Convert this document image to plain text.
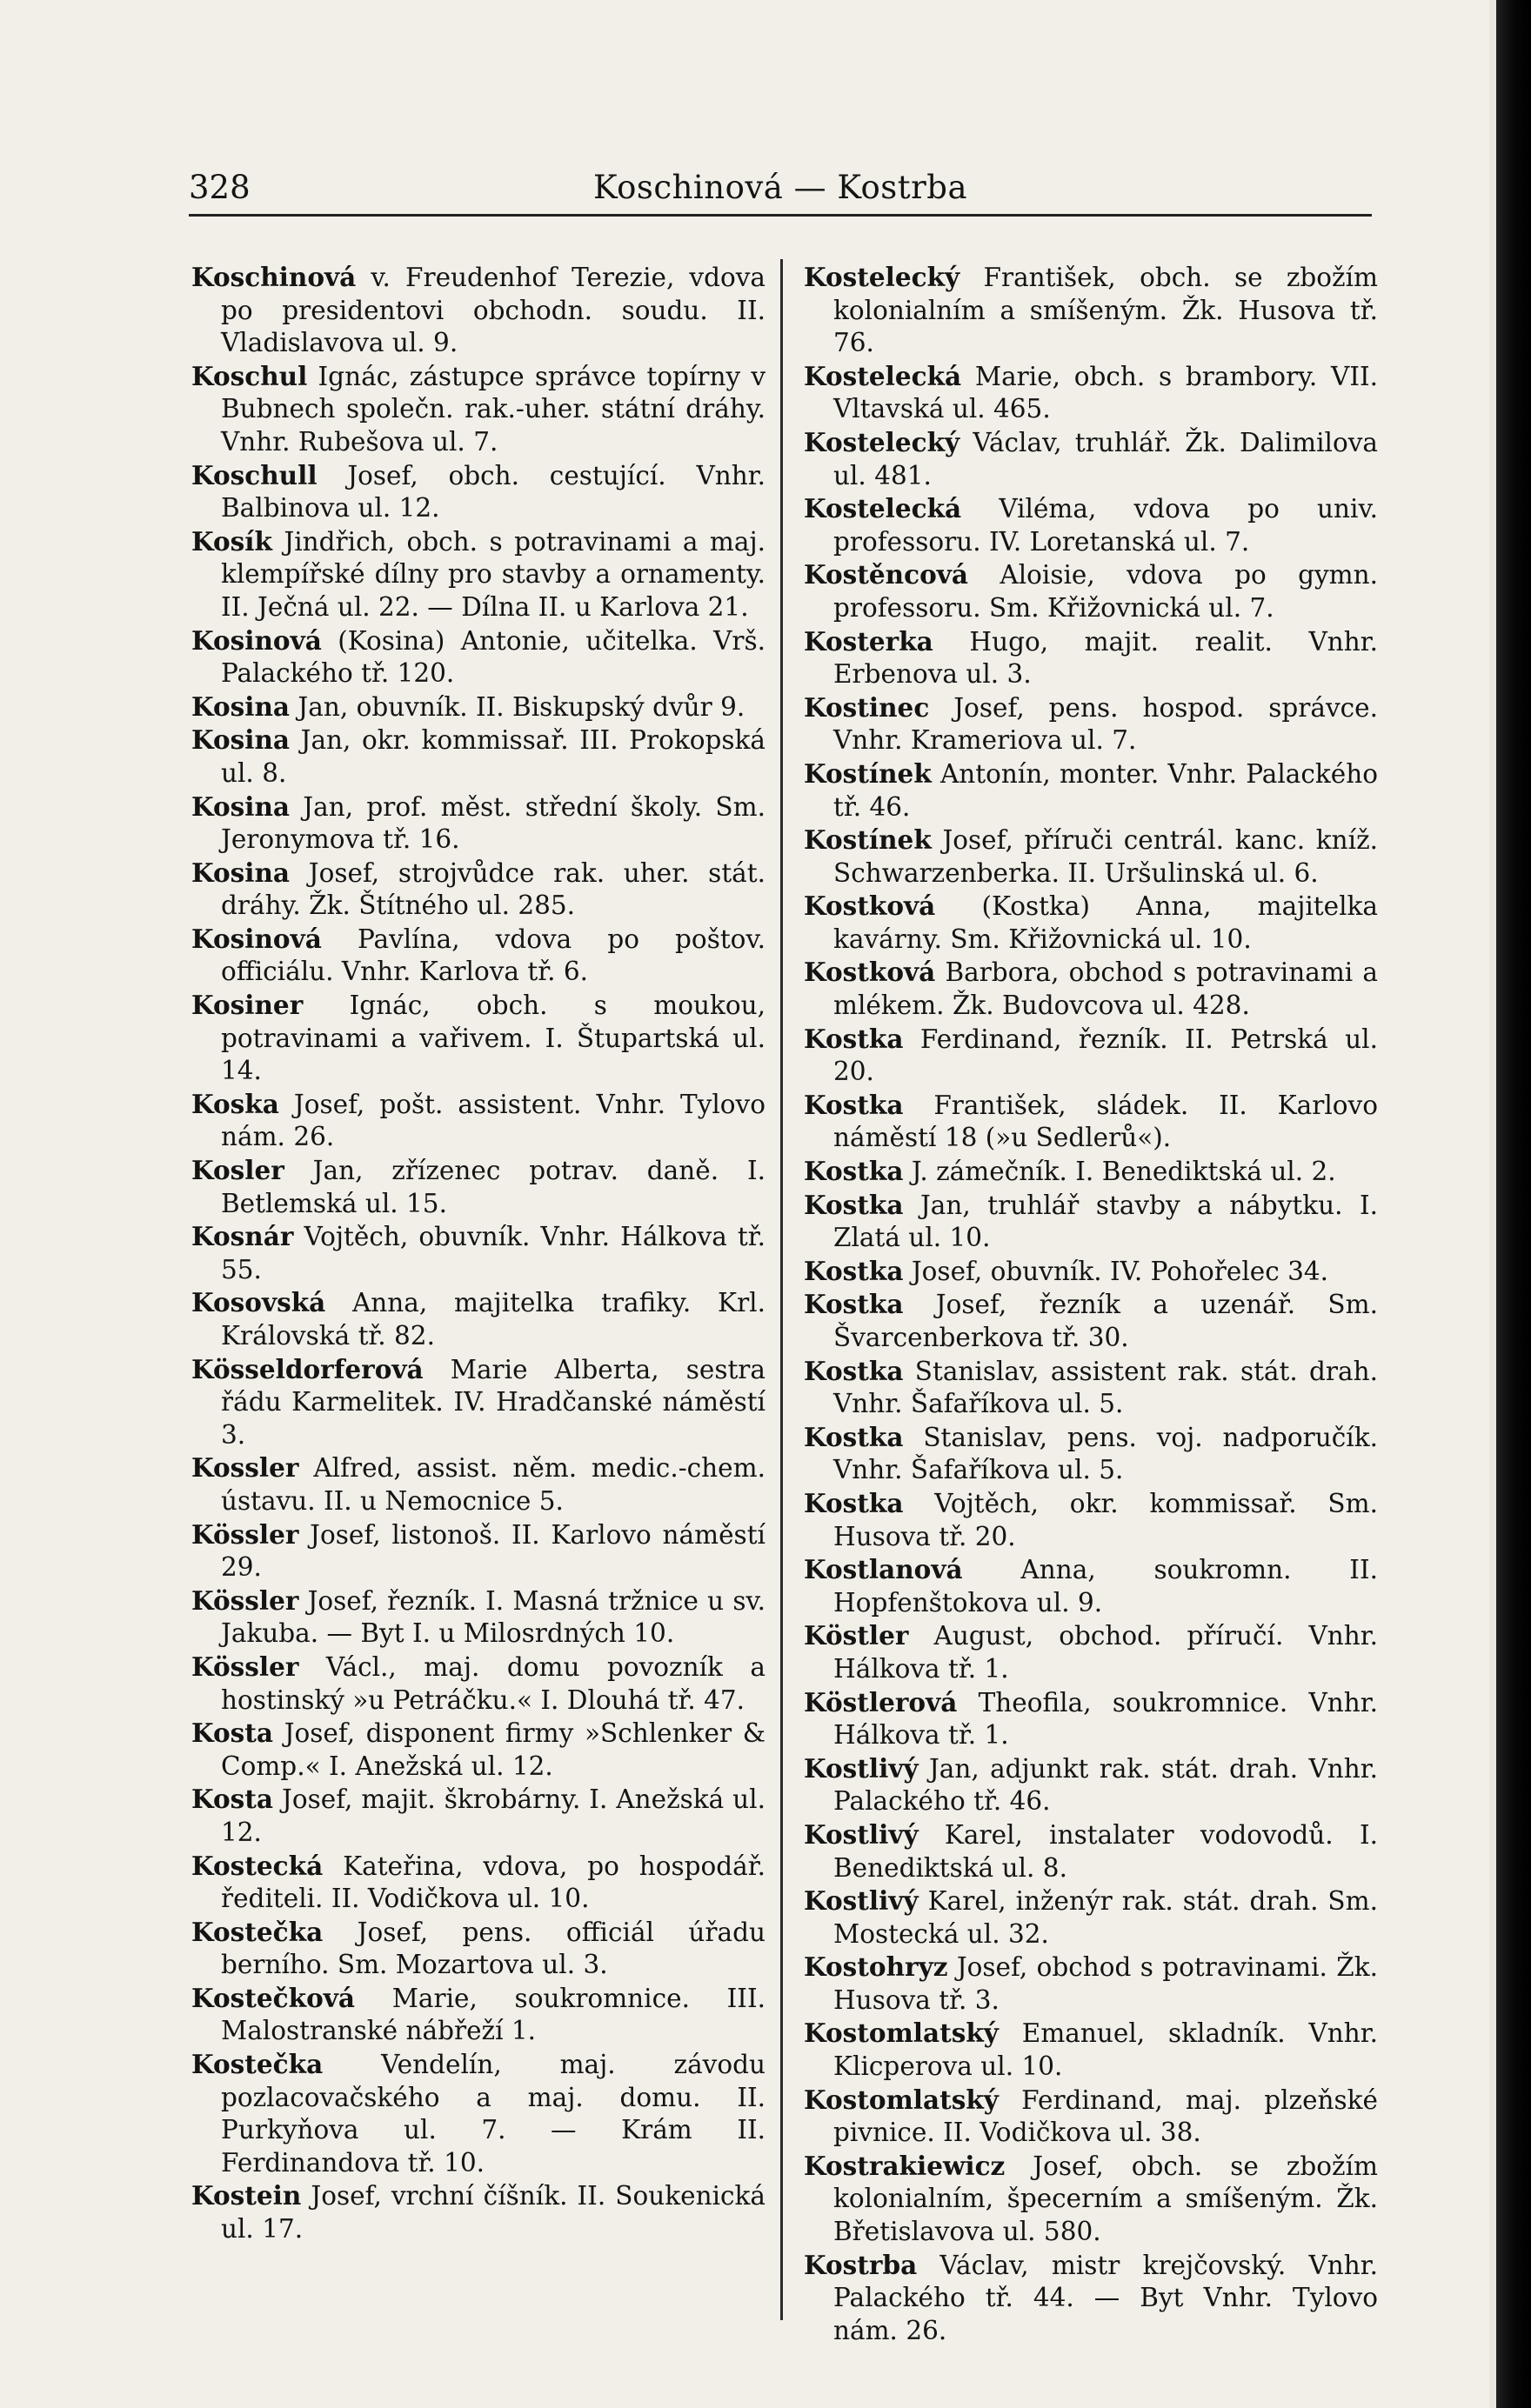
328	Koschinová — Kostrba
Koschinová v. Freudenhof Terezie, vdova po presidentovi obchodn. soudu. II. Vladislavova ul. 9.
Koschul Ignác, zástupce správce topírny v Bubnech společn. rak.-uher. státní dráhy. Vnhr. Rubešova ul. 7.
Koschull Josef, obch. cestující. Vnhr. Balbinova ul. 12.
Kosík Jindřich, obch. s potravinami a maj. klempířské dílny pro stavby a ornamenty. II. Ječná ul. 22. — Dílna II. u Karlova 21.
Kosinová (Kosina) Antonie, učitelka. Vrš. Palackého tř. 120.
Kosina Jan, obuvník. II. Biskupský dvůr 9.
Kosina Jan, okr. kommissař. III. Prokopská ul. 8.
Kosina Jan, prof. měst. střední školy. Sm. Jeronymova tř. 16.
Kosina Josef, strojvůdce rak. uher. stát. dráhy. Žk. Štítného ul. 285.
Kosinová Pavlína, vdova po poštov. officiálu. Vnhr. Karlova tř. 6.
Kosiner Ignác, obch. s moukou, potravinami a vařivem. I. Štupartská ul. 14.
Koska Josef, pošt. assistent. Vnhr. Tylovo nám. 26.
Kosler Jan, zřízenec potrav. daně. I. Betlemská ul. 15.
Kosnár Vojtěch, obuvník. Vnhr. Hálkova tř. 55.
Kosovská Anna, majitelka trafiky. Krl. Královská tř. 82.
Kösseldorferová Marie Alberta, sestra řádu Karmelitek. IV. Hradčanské náměstí 3.
Kossler Alfred, assist. něm. medic.-chem. ústavu. II. u Nemocnice 5.
Kössler Josef, listonoš. II. Karlovo náměstí 29.
Kössler Josef, řezník. I. Masná tržnice u sv. Jakuba. — Byt I. u Milosrdných 10.
Kössler Václ., maj. domu povozník a hostinský »u Petráčku.« I. Dlouhá tř. 47.
Kosta Josef, disponent firmy »Schlenker & Comp.« I. Anežská ul. 12.
Kosta Josef, majit. škrobárny. I. Anežská ul. 12.
Kostecká Kateřina, vdova, po hospodář. řediteli. II. Vodičkova ul. 10.
Kostečka Josef, pens. officiál úřadu berního. Sm. Mozartova ul. 3.
Kostečková Marie, soukromnice. III. Malostranské nábřeží 1.
Kostečka Vendelín, maj. závodu pozlacovačského a maj. domu. II. Purkyňova ul. 7. — Krám II. Ferdinandova tř. 10.
Kostein Josef, vrchní číšník. II. Soukenická ul. 17.
Kostelecký František, obch. se zbožím kolonialním a smíšeným. Žk. Husova tř. 76.
Kostelecká Marie, obch. s brambory. VII. Vltavská ul. 465.
Kostelecký Václav, truhlář. Žk. Dalimilova ul. 481.
Kostelecká Viléma, vdova po univ. professoru. IV. Loretanská ul. 7.
Kostěncová Aloisie, vdova po gymn. professoru. Sm. Křižovnická ul. 7.
Kosterka Hugo, majit. realit. Vnhr. Erbenova ul. 3.
Kostinec Josef, pens. hospod. správce. Vnhr. Krameriova ul. 7.
Kostínek Antonín, monter. Vnhr. Palackého tř. 46.
Kostínek Josef, příruči centrál. kanc. kníž. Schwarzenberka. II. Uršulinská ul. 6.
Kostková (Kostka) Anna, majitelka kavárny. Sm. Křižovnická ul. 10.
Kostková Barbora, obchod s potravinami a mlékem. Žk. Budovcova ul. 428.
Kostka Ferdinand, řezník. II. Petrská ul. 20.
Kostka František, sládek. II. Karlovo náměstí 18 (»u Sedlerů«).
Kostka J. zámečník. I. Benediktská ul. 2.
Kostka Jan, truhlář stavby a nábytku. I. Zlatá ul. 10.
Kostka Josef, obuvník. IV. Pohořelec 34.
Kostka Josef, řezník a uzenář. Sm. Švarcenberkova tř. 30.
Kostka Stanislav, assistent rak. stát. drah. Vnhr. Šafaříkova ul. 5.
Kostka Stanislav, pens. voj. nadporučík. Vnhr. Šafaříkova ul. 5.
Kostka Vojtěch, okr. kommissař. Sm. Husova tř. 20.
Kostlanová Anna, soukromn. II. Hopfenštokova ul. 9.
Köstler August, obchod. příručí. Vnhr. Hálkova tř. 1.
Köstlerová Theofila, soukromnice. Vnhr. Hálkova tř. 1.
Kostlivý Jan, adjunkt rak. stát. drah. Vnhr. Palackého tř. 46.
Kostlivý Karel, instalater vodovodů. I. Benediktská ul. 8.
Kostlivý Karel, inženýr rak. stát. drah. Sm. Mostecká ul. 32.
Kostohryz Josef, obchod s potravinami. Žk. Husova tř. 3.
Kostomlatský Emanuel, skladník. Vnhr. Klicperova ul. 10.
Kostomlatský Ferdinand, maj. plzeňské pivnice. II. Vodičkova ul. 38.
Kostrakiewicz Josef, obch. se zbožím kolonialním, špecerním a smíšeným. Žk. Břetislavova ul. 580.
Kostrba Václav, mistr krejčovský. Vnhr. Palackého tř. 44. — Byt Vnhr. Tylovo nám. 26.
